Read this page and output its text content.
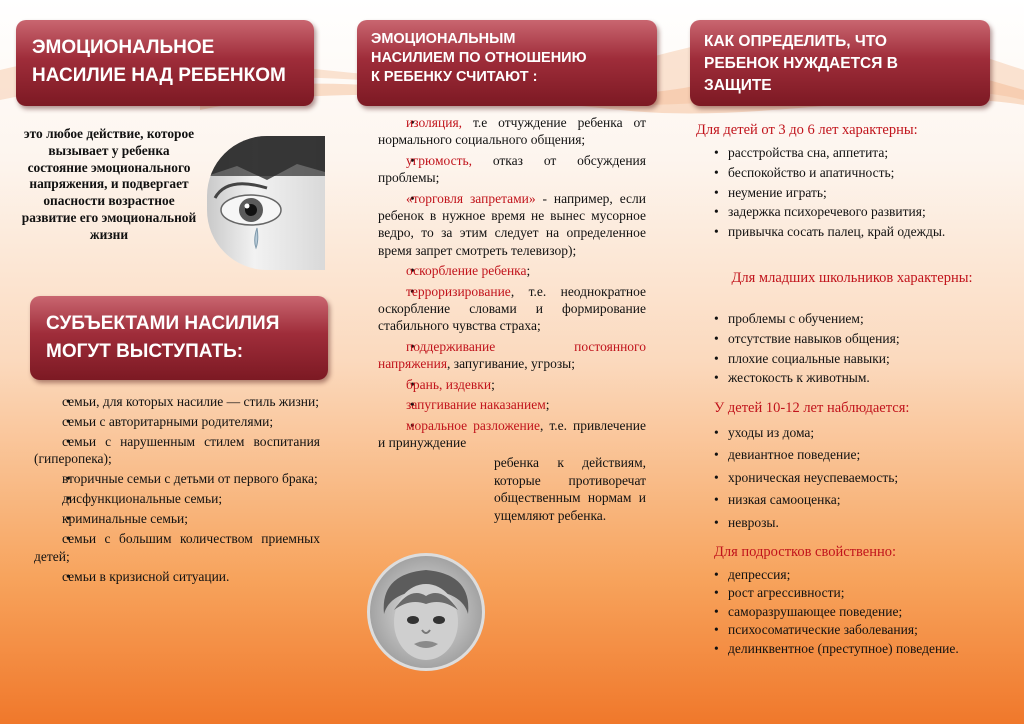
ЭМОЦИОНАЛЬНОЕ
НАСИЛИЕ НАД РЕБЕНКОМ

это любое действие, которое вызывает у ребенка состояние эмоционального напряжения, и подвергает опасности возрастное развитие его эмоциональной жизни

СУБЪЕКТАМИ НАСИЛИЯ
МОГУТ ВЫСТУПАТЬ:
• семьи, для которых насилие — стиль жизни;
• семьи с авторитарными родителями;
• семьи с нарушенным стилем воспитания (гиперопека);
• вторичные семьи с детьми от первого брака;
• дисфункциональные семьи;
• криминальные семьи;
• семьи с большим количеством приемных детей;
• семьи в кризисной ситуации.
ЭМОЦИОНАЛЬНЫМ
НАСИЛИЕМ ПО ОТНОШЕНИЮ
К РЕБЕНКУ СЧИТАЮТ :
• изоляция, т.е отчуждение ребенка от нормального социального общения;
• угрюмость, отказ от обсуждения проблемы;
• «торговля запретами» - например, если ребенок в нужное время не вынес мусорное ведро, то за этим следует на определенное время запрет смотреть телевизор);
• оскорбление ребенка;
• терроризирование, т.е. неоднократное оскорбление словами и формирование стабильного чувства страха;
• поддерживание постоянного напряжения, запугивание, угрозы;
• брань, издевки;
• запугивание наказанием;
• моральное разложение, т.е. привлечение и принуждение

ребенка к действиям, которые противоречат общественным нормам и ущемляют ребенка.

КАК ОПРЕДЕЛИТЬ, ЧТО
РЕБЕНОК НУЖДАЕТСЯ В
ЗАЩИТЕ

Для детей от 3 до 6 лет характерны:

• расстройства сна, аппетита;
• беспокойство и апатичность;
• неумение играть;
• задержка психоречевого развития;
• привычка сосать палец, край одежды.

Для младших школьников характерны:

• проблемы с обучением;
• отсутствие навыков общения;
• плохие социальные навыки;
• жестокость к животным.

У детей 10-12 лет наблюдается:

• уходы из дома;
• девиантное поведение;
• хроническая неуспеваемость;
• низкая самооценка;
• неврозы.

Для подростков свойственно:

• депрессия;
• рост агрессивности;
• саморазрушающее поведение;
• психосоматические заболевания;
• делинквентное (преступное) поведение.
